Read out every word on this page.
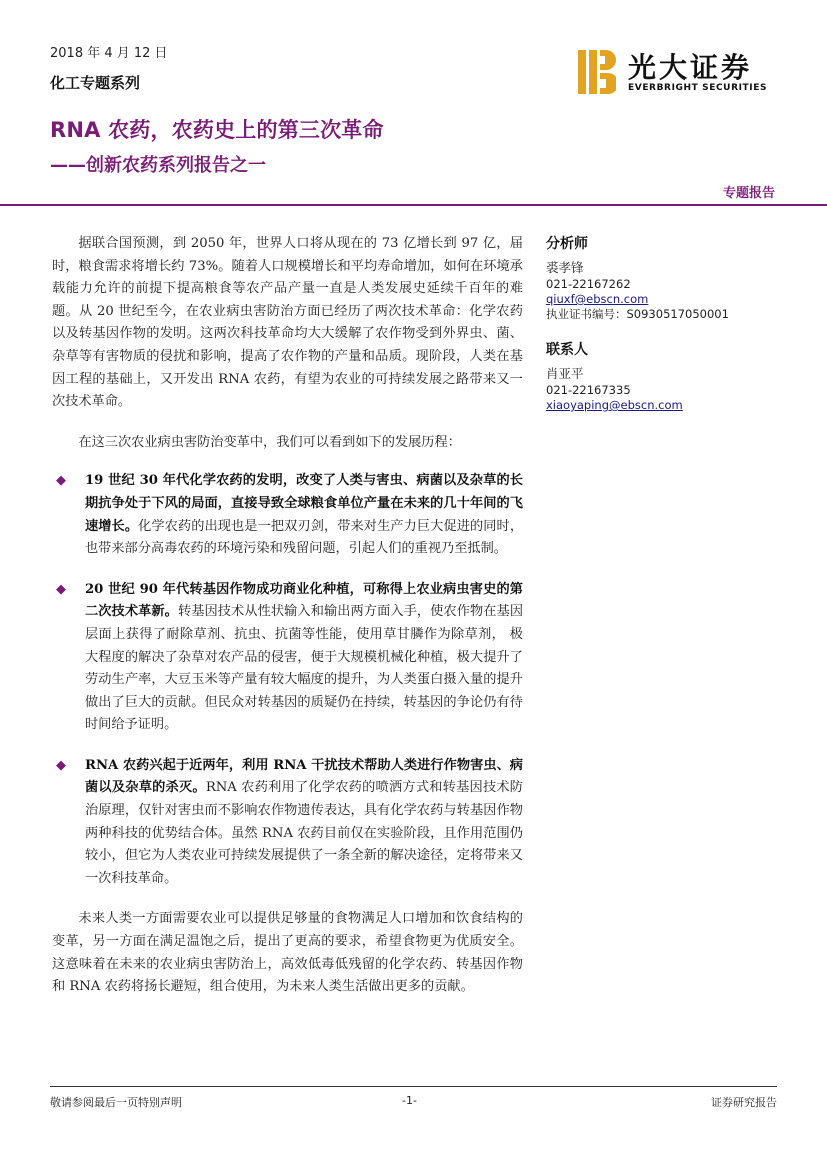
2018 年 4 月 12 日
化工专题系列
RNA 农药，农药史上的第三次革命
——创新农药系列报告之一
专题报告
光大证券
EVERBRIGHT SECURITIES

据联合国预测，到 2050 年，世界人口将从现在的 73 亿增长到 97 亿，届时，粮食需求将增长约 73%。随着人口规模增长和平均寿命增加，如何在环境承载能力允许的前提下提高粮食等农产品产量一直是人类发展史延续千百年的难题。从 20 世纪至今，在农业病虫害防治方面已经历了两次技术革命：化学农药以及转基因作物的发明。这两次科技革命均大大缓解了农作物受到外界虫、菌、杂草等有害物质的侵扰和影响，提高了农作物的产量和品质。现阶段，人类在基因工程的基础上，又开发出 RNA 农药，有望为农业的可持续发展之路带来又一次技术革命。

在这三次农业病虫害防治变革中，我们可以看到如下的发展历程：

◆ 19 世纪 30 年代化学农药的发明，改变了人类与害虫、病菌以及杂草的长期抗争处于下风的局面，直接导致全球粮食单位产量在未来的几十年间的飞速增长。化学农药的出现也是一把双刃剑，带来对生产力巨大促进的同时，也带来部分高毒农药的环境污染和残留问题，引起人们的重视乃至抵制。
◆ 20 世纪 90 年代转基因作物成功商业化种植，可称得上农业病虫害史的第二次技术革新。转基因技术从性状输入和输出两方面入手，使农作物在基因层面上获得了耐除草剂、抗虫、抗菌等性能，使用草甘膦作为除草剂， 极大程度的解决了杂草对农产品的侵害，便于大规模机械化种植，极大提升了劳动生产率，大豆玉米等产量有较大幅度的提升，为人类蛋白摄入量的提升做出了巨大的贡献。但民众对转基因的质疑仍在持续，转基因的争论仍有待时间给予证明。
◆ RNA 农药兴起于近两年，利用 RNA 干扰技术帮助人类进行作物害虫、病菌以及杂草的杀灭。RNA 农药利用了化学农药的喷洒方式和转基因技术防治原理，仅针对害虫而不影响农作物遗传表达，具有化学农药与转基因作物两种科技的优势结合体。虽然 RNA 农药目前仅在实验阶段，且作用范围仍较小，但它为人类农业可持续发展提供了一条全新的解决途径，定将带来又一次科技革命。

未来人类一方面需要农业可以提供足够量的食物满足人口增加和饮食结构的变革，另一方面在满足温饱之后，提出了更高的要求，希望食物更为优质安全。这意味着在未来的农业病虫害防治上，高效低毒低残留的化学农药、转基因作物和 RNA 农药将扬长避短，组合使用，为未来人类生活做出更多的贡献。

分析师
裘孝锋
021-22167262
qiuxf@ebscn.com
执业证书编号：S0930517050001
联系人
肖亚平
021-22167335
xiaoyaping@ebscn.com
敬请参阅最后一页特别声明	-1-	证券研究报告
